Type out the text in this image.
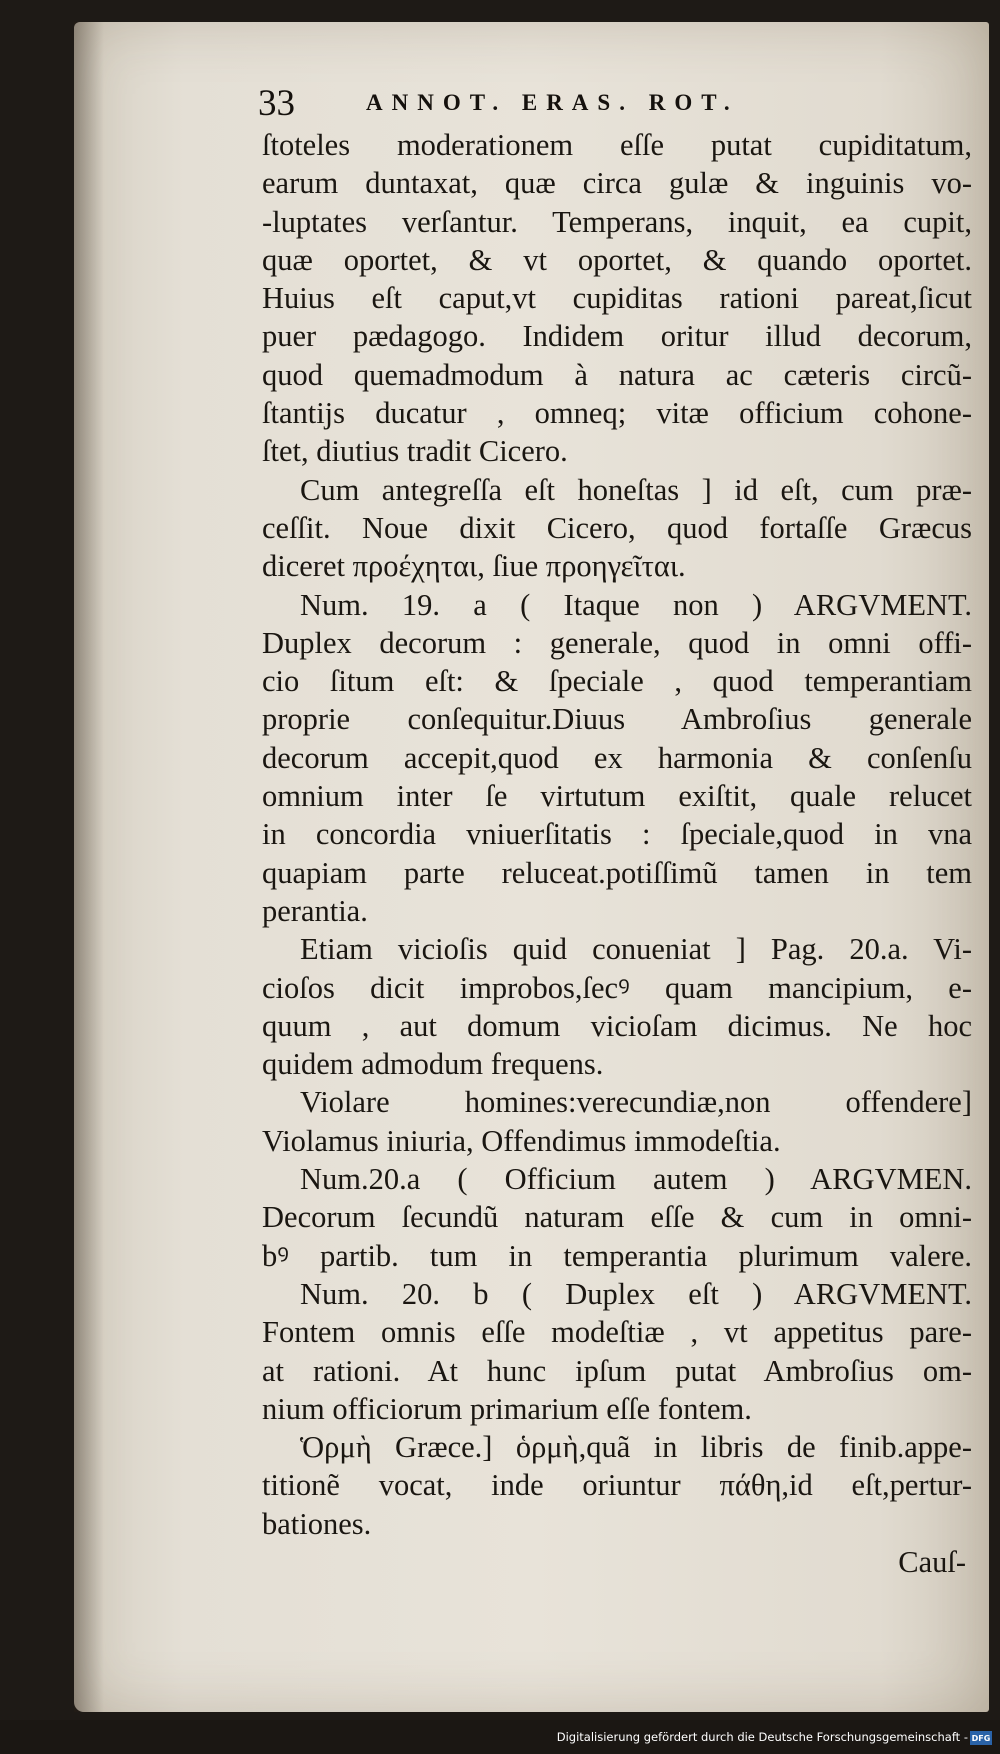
33	ANNOT. ERAS. ROT.
ſtoteles moderationem eſſe putat cupiditatum,
earum duntaxat, quæ circa gulæ & inguinis vo-
-luptates verſantur. Temperans, inquit, ea cupit,
quæ oportet, & vt oportet, & quando oportet.
Huius eſt caput,vt cupiditas rationi pareat,ſicut
puer pædagogo. Indidem oritur illud decorum,
quod quemadmodum à natura ac cæteris circũ-
ſtantijs ducatur , omneq; vitæ officium cohone-
ſtet, diutius tradit Cicero.
Cum antegreſſa eſt honeſtas ] id eſt, cum præ-
ceſſit. Noue dixit Cicero, quod fortaſſe Græcus
diceret προέχηται, ſiue προηγεῖται.
Num. 19. a ( Itaque non ) ARGVMENT.
Duplex decorum : generale, quod in omni offi-
cio ſitum eſt: & ſpeciale , quod temperantiam
proprie conſequitur.Diuus Ambroſius generale
decorum accepit,quod ex harmonia & conſenſu
omnium inter ſe virtutum exiſtit, quale relucet
in concordia vniuerſitatis : ſpeciale,quod in vna
quapiam parte reluceat.potiſſimũ tamen in tem
perantia.
Etiam vicioſis quid conueniat ] Pag. 20.a. Vi-
cioſos dicit improbos,ſecꝰ quam mancipium, e-
quum , aut domum vicioſam dicimus. Ne hoc
quidem admodum frequens.
Violare homines:verecundiæ,non offendere]
Violamus iniuria, Offendimus immodeſtia.
Num.20.a ( Officium autem ) ARGVMEN.
Decorum ſecundũ naturam eſſe & cum in omni-
bꝰ partib. tum in temperantia plurimum valere.
Num. 20. b ( Duplex eſt ) ARGVMENT.
Fontem omnis eſſe modeſtiæ , vt appetitus pare-
at rationi. At hunc ipſum putat Ambroſius om-
nium officiorum primarium eſſe fontem.
Ὁρμὴ Græce.] ὁρμὴ,quã in libris de finib.appe-
titionẽ vocat, inde oriuntur πάθη,id eſt,pertur-
bationes.
Cauſ-
Digitalisierung gefördert durch die Deutsche Forschungsgemeinschaft - DFG
